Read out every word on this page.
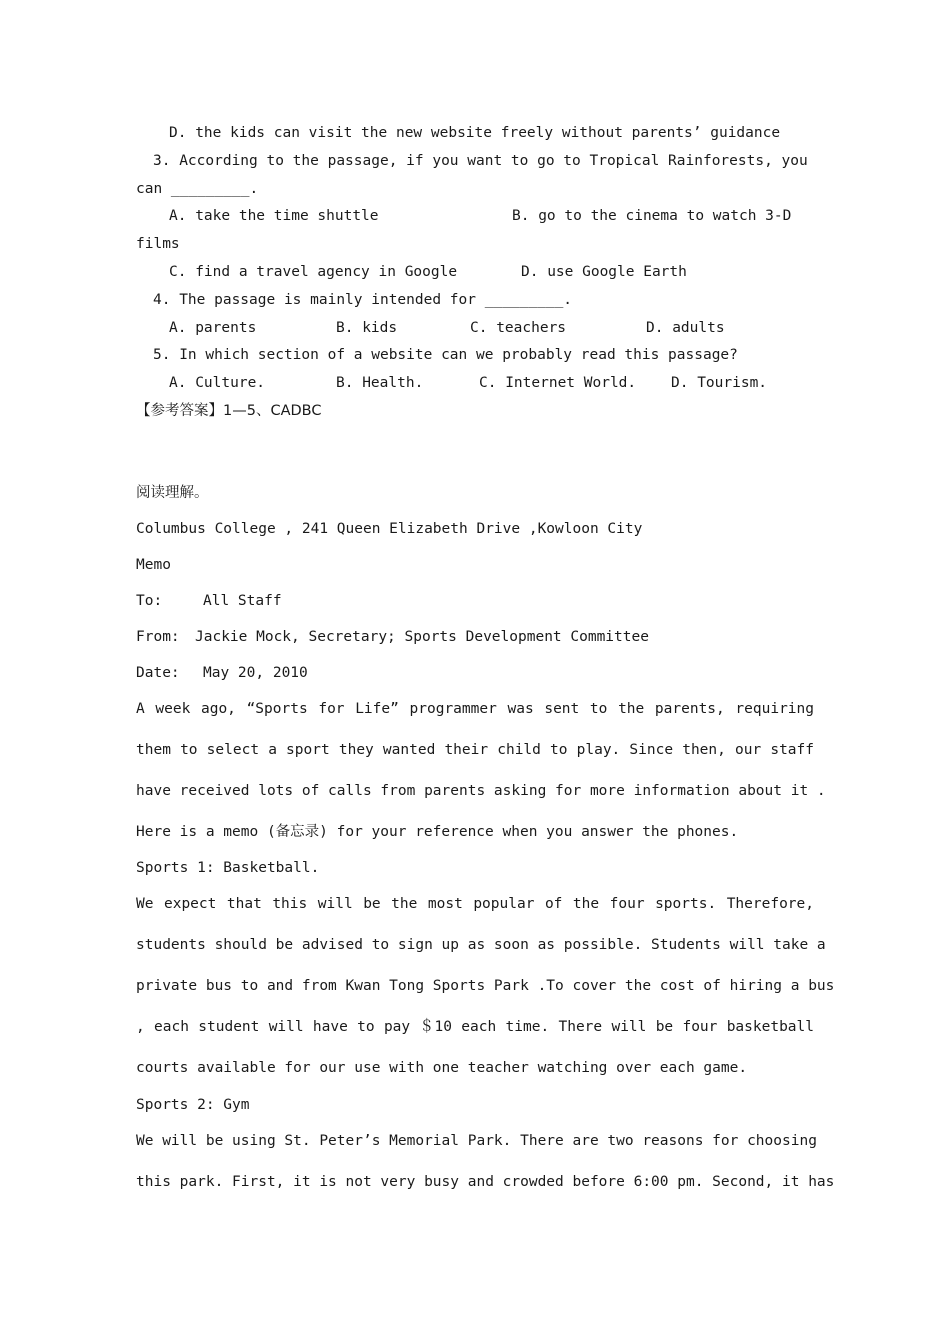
D. the kids can visit the new website freely without parents’ guidance
3. According to the passage, if you want to go to Tropical Rainforests, you
can _________.
A. take the time shuttle	B. go to the cinema to watch 3-D
films
C. find a travel agency in Google	D. use Google Earth
4. The passage is mainly intended for _________.
A. parents	B. kids	C. teachers	D. adults
5. In which section of a website can we probably read this passage?
A. Culture.	B. Health.	C. Internet World. D. Tourism.
【参考答案】1—5、CADBC
阅读理解。
Columbus College , 241 Queen Elizabeth Drive ,Kowloon City
Memo
To:	All Staff
From: Jackie Mock, Secretary; Sports Development Committee
Date: May 20, 2010
A week ago, “Sports for Life” programmer was sent to the parents, requiring
them to select a sport they wanted their child to play. Since then, our staff
have received lots of calls from parents asking for more information about it .
Here is a memo (备忘录) for your reference when you answer the phones.
Sports 1: Basketball.
We expect that this will be the most popular of the four sports. Therefore,
students should be advised to sign up as soon as possible. Students will take a
private bus to and from Kwan Tong Sports Park .To cover the cost of hiring a bus
, each student will have to pay ＄10 each time. There will be four basketball
courts available for our use with one teacher watching over each game.
Sports 2: Gym
We will be using St. Peter’s Memorial Park. There are two reasons for choosing
this park. First, it is not very busy and crowded before 6:00 pm. Second, it has
